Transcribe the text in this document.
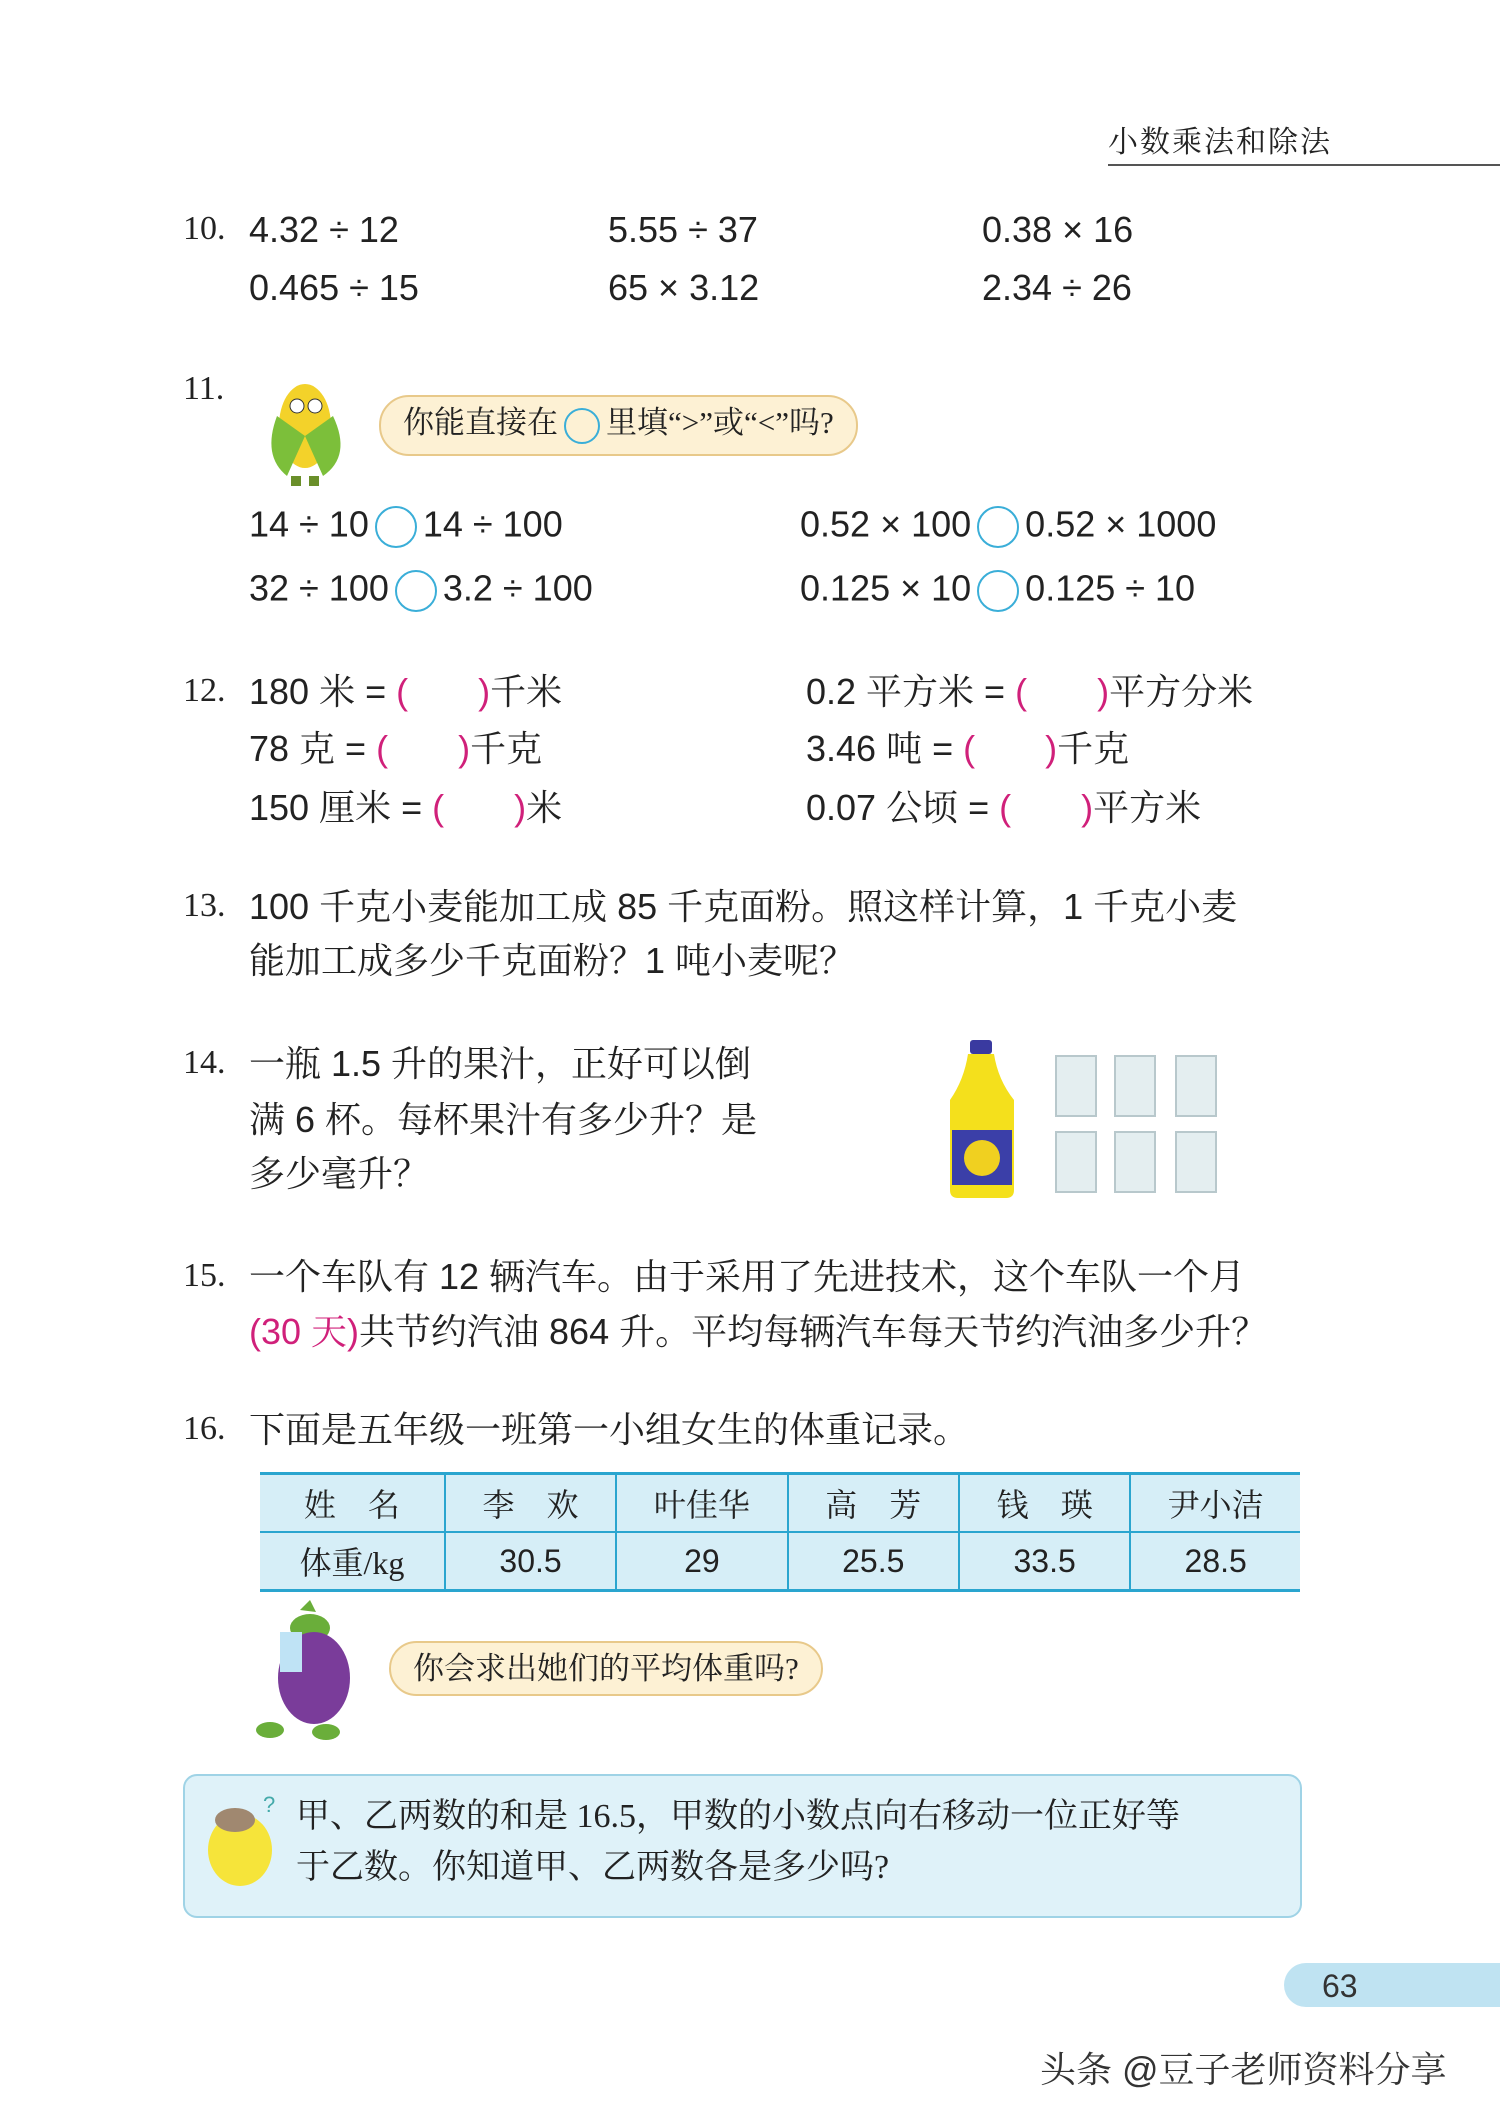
小数乘法和除法
10. 4.32 ÷ 12	5.55 ÷ 37	0.38 × 16
0.465 ÷ 15	65 × 3.12	2.34 ÷ 26
11.
你能直接在 里填“>”或“<”吗?
14 ÷ 10 14 ÷ 100	0.52 × 100 0.52 × 1000
32 ÷ 100 3.2 ÷ 100	0.125 × 10 0.125 ÷ 10
12. 180 米 = ( )千米	0.2 平方米 = ( )平方分米
78 克 = ( )千克	3.46 吨 = ( )千克
150 厘米 = ( )米	0.07 公顷 = ( )平方米
13. 100 千克小麦能加工成 85 千克面粉。照这样计算，1 千克小麦
能加工成多少千克面粉？1 吨小麦呢？
14. 一瓶 1.5 升的果汁，正好可以倒
满 6 杯。每杯果汁有多少升？是
多少毫升？
15. 一个车队有 12 辆汽车。由于采用了先进技术，这个车队一个月
(30 天)共节约汽油 864 升。平均每辆汽车每天节约汽油多少升？
16. 下面是五年级一班第一小组女生的体重记录。
姓　名	李　欢	叶佳华	高　芳	钱　瑛	尹小洁
体重/kg	30.5	29	25.5	33.5	28.5
你会求出她们的平均体重吗?
? 甲、乙两数的和是 16.5，甲数的小数点向右移动一位正好等
于乙数。你知道甲、乙两数各是多少吗?
63
头条 @豆子老师资料分享
